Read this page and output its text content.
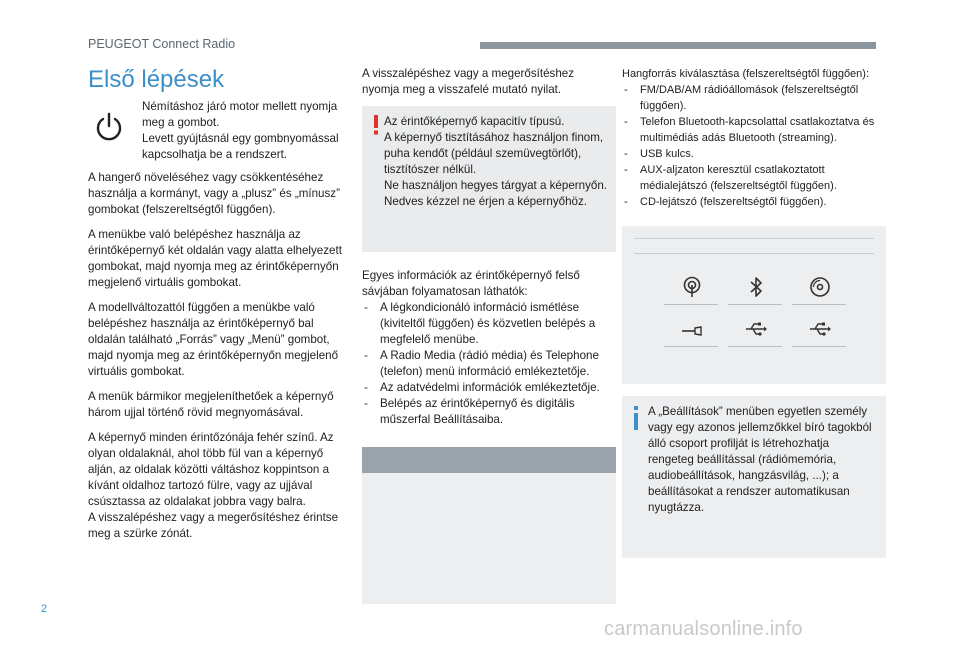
PEUGEOT Connect Radio
Első lépések
Némításhoz járó motor mellett nyomja meg a gombot.
Levett gyújtásnál egy gombnyomással kapcsolhatja be a rendszert.

A hangerő növeléséhez vagy csökkentéséhez használja a kormányt, vagy a „plusz” és „mínusz” gombokat (felszereltségtől függően).

A menükbe való belépéshez használja az érintőképernyő két oldalán vagy alatta elhelyezett gombokat, majd nyomja meg az érintőképernyőn megjelenő virtuális gombokat.

A modellváltozattól függően a menükbe való belépéshez használja az érintőképernyő bal oldalán található „Forrás” vagy „Menü” gombot, majd nyomja meg az érintőképernyőn megjelenő virtuális gombokat.

A menük bármikor megjeleníthetőek a képernyő három ujjal történő rövid megnyomásával.

A képernyő minden érintőzónája fehér színű. Az olyan oldalaknál, ahol több fül van a képernyő alján, az oldalak közötti váltáshoz koppintson a kívánt oldalhoz tartozó fülre, vagy az ujjával csúsztassa az oldalakat jobbra vagy balra.

A visszalépéshez vagy a megerősítéshez érintse meg a szürke zónát.

A visszalépéshez vagy a megerősítéshez nyomja meg a visszafelé mutató nyilat.

Az érintőképernyő kapacitív típusú.
A képernyő tisztításához használjon finom, puha kendőt (például szemüvegtörlőt), tisztítószer nélkül.
Ne használjon hegyes tárgyat a képernyőn.
Nedves kézzel ne érjen a képernyőhöz.
Egyes információk az érintőképernyő felső sávjában folyamatosan láthatók:
- A légkondicionáló információ ismétlése (kiviteltől függően) és közvetlen belépés a megfelelő menübe.
- A Radio Media (rádió média) és Telephone (telefon) menü információ emlékeztetője.
- Az adatvédelmi információk emlékeztetője.
- Belépés az érintőképernyő és digitális műszerfal Beállításaiba.
Hangforrás kiválasztása (felszereltségtől függően):
- FM/DAB/AM rádióállomások (felszereltségtől függően).
- Telefon Bluetooth-kapcsolattal csatlakoztatva és multimédiás adás Bluetooth (streaming).
- USB kulcs.
- AUX-aljzaton keresztül csatlakoztatott médialejátszó (felszereltségtől függően).
- CD-lejátszó (felszereltségtől függően).
A „Beállítások” menüben egyetlen személy vagy egy azonos jellemzőkkel bíró tagokból álló csoport profilját is létrehozhatja rengeteg beállítással (rádiómemória, audiobeállítások, hangzásvilág, ...); a beállításokat a rendszer automatikusan nyugtázza.
2
carmanualsonline.info
